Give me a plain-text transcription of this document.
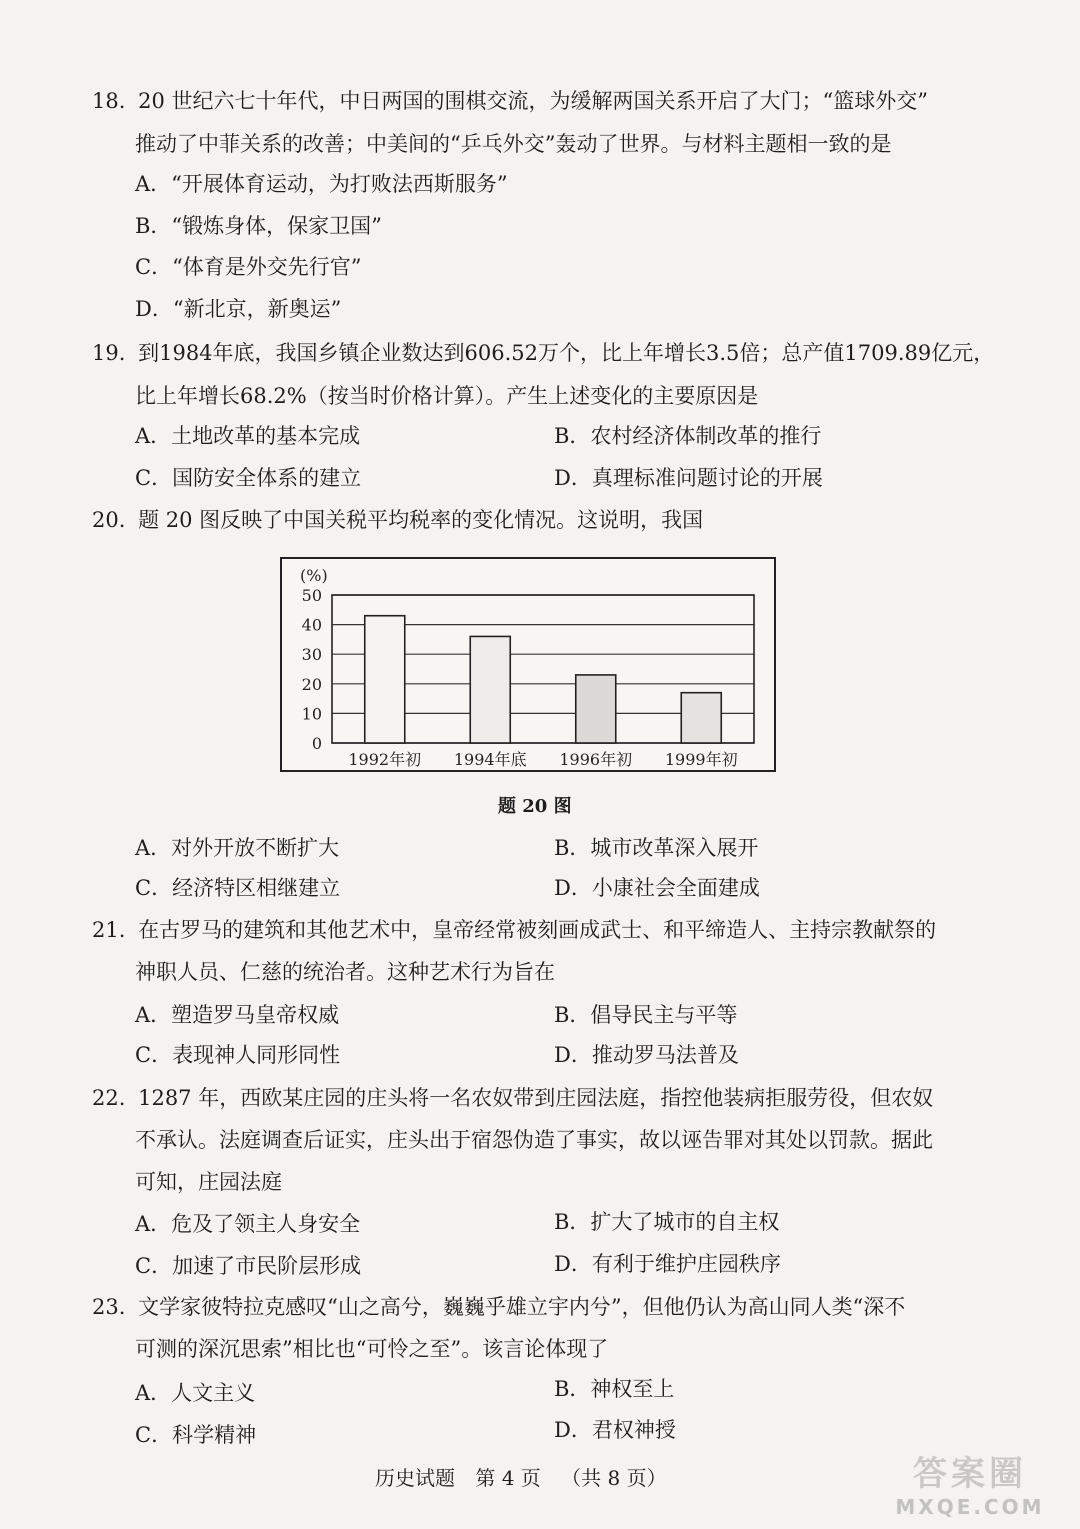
18. 20 世纪六七十年代，中日两国的围棋交流，为缓解两国关系开启了大门；“篮球外交”
推动了中菲关系的改善；中美间的“乒乓外交”轰动了世界。与材料主题相一致的是
A．“开展体育运动，为打败法西斯服务”
B．“锻炼身体，保家卫国”
C．“体育是外交先行官”
D．“新北京，新奥运”
19. 到1984年底，我国乡镇企业数达到606.52万个，比上年增长3.5倍；总产值1709.89亿元，
比上年增长68.2%（按当时价格计算）。产生上述变化的主要原因是
A．土地改革的基本完成	B．农村经济体制改革的推行
C．国防安全体系的建立	D．真理标准问题讨论的开展
20. 题 20 图反映了中国关税平均税率的变化情况。这说明，我国
(%)
50
40
30
20
10
0
1992年初 1994年底 1996年初 1999年初
题 20 图
A．对外开放不断扩大	B．城市改革深入展开
C．经济特区相继建立	D．小康社会全面建成
21. 在古罗马的建筑和其他艺术中，皇帝经常被刻画成武士、和平缔造人、主持宗教献祭的
神职人员、仁慈的统治者。这种艺术行为旨在
A．塑造罗马皇帝权威	B．倡导民主与平等
C．表现神人同形同性	D．推动罗马法普及
22. 1287 年，西欧某庄园的庄头将一名农奴带到庄园法庭，指控他装病拒服劳役，但农奴
不承认。法庭调查后证实，庄头出于宿怨伪造了事实，故以诬告罪对其处以罚款。据此
可知，庄园法庭
A．危及了领主人身安全	B．扩大了城市的自主权
C．加速了市民阶层形成	D．有利于维护庄园秩序
23. 文学家彼特拉克感叹“山之高兮，巍巍乎雄立宇内兮”，但他仍认为高山同人类“深不
可测的深沉思索”相比也“可怜之至”。该言论体现了
A．人文主义	B．神权至上
C．科学精神	D．君权神授
历史试题 第 4 页 （共 8 页）	答案圈
MXQE.COM
